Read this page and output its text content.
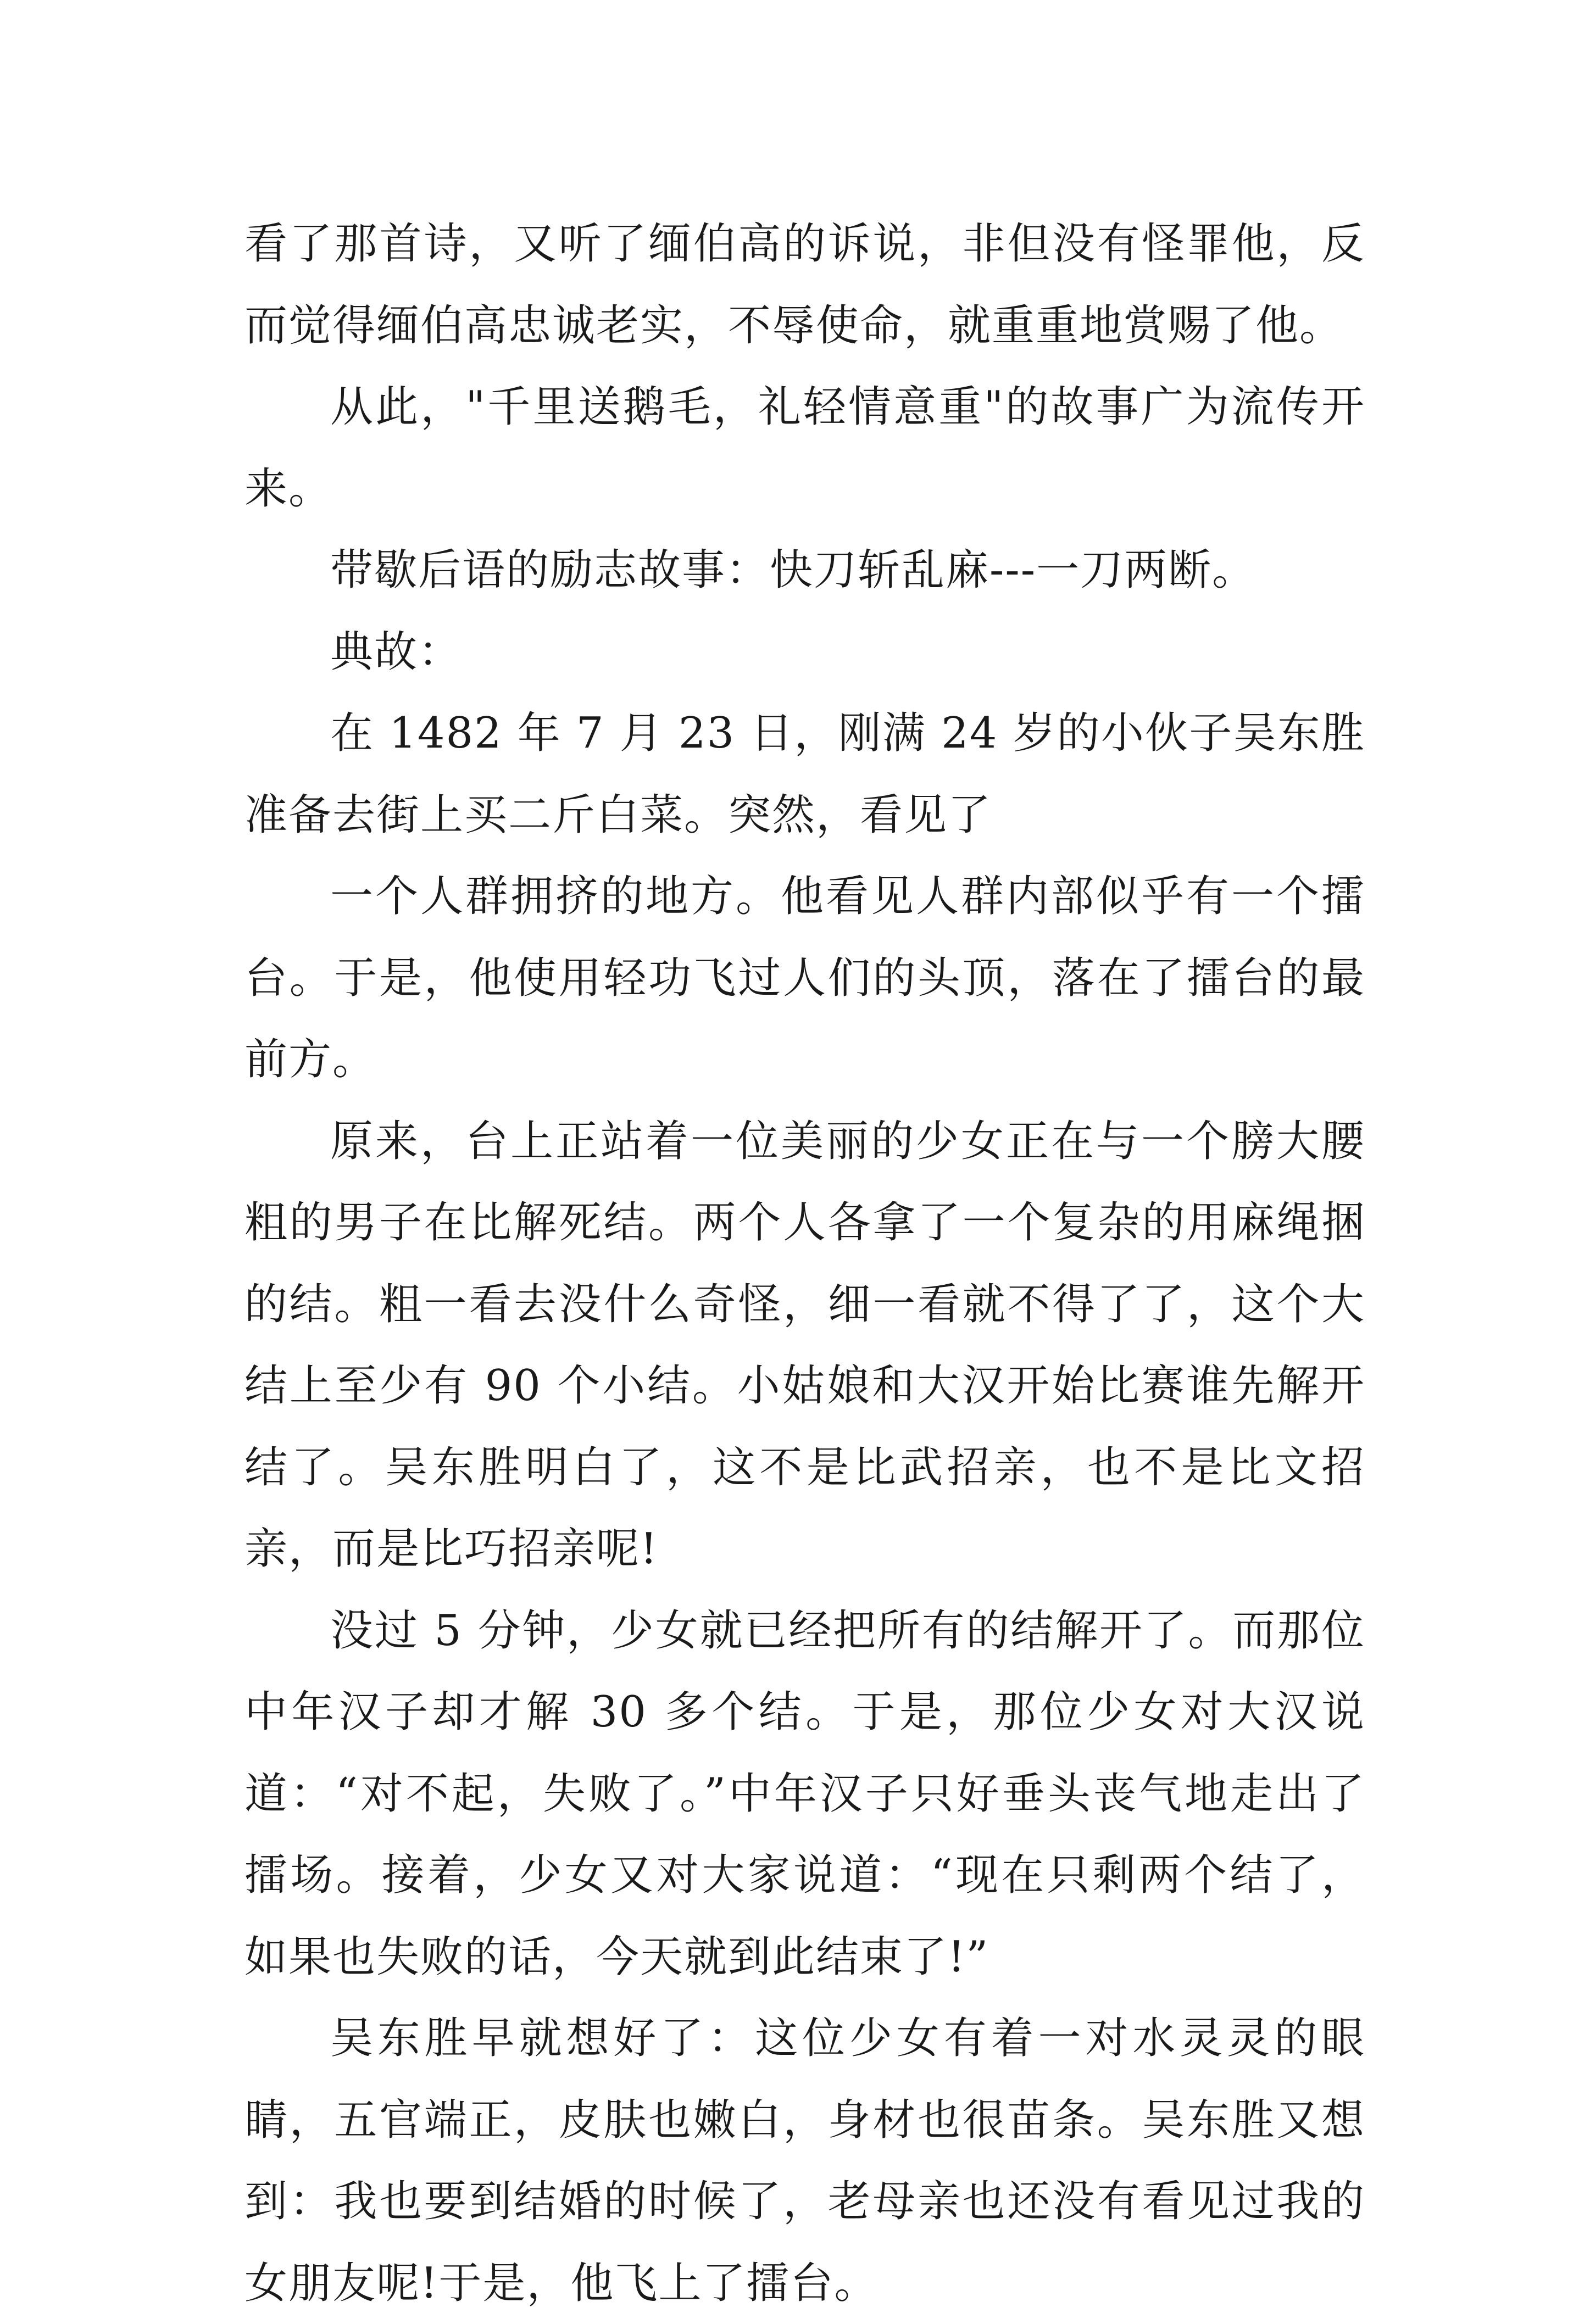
看了那首诗，又听了缅伯高的诉说，非但没有怪罪他，反而觉得缅伯高忠诚老实，不辱使命，就重重地赏赐了他。

从此，"千里送鹅毛，礼轻情意重"的故事广为流传开来。

带歇后语的励志故事：快刀斩乱麻---一刀两断。

典故：

在 1482 年 7 月 23 日，刚满 24 岁的小伙子吴东胜准备去街上买二斤白菜。突然，看见了

一个人群拥挤的地方。他看见人群内部似乎有一个擂台。于是，他使用轻功飞过人们的头顶，落在了擂台的最前方。

原来，台上正站着一位美丽的少女正在与一个膀大腰粗的男子在比解死结。两个人各拿了一个复杂的用麻绳捆的结。粗一看去没什么奇怪，细一看就不得了了，这个大结上至少有 90 个小结。小姑娘和大汉开始比赛谁先解开结了。吴东胜明白了，这不是比武招亲，也不是比文招亲，而是比巧招亲呢!

没过 5 分钟，少女就已经把所有的结解开了。而那位中年汉子却才解 30 多个结。于是，那位少女对大汉说道：“对不起，失败了。”中年汉子只好垂头丧气地走出了擂场。接着，少女又对大家说道：“现在只剩两个结了，如果也失败的话，今天就到此结束了!”

吴东胜早就想好了：这位少女有着一对水灵灵的眼睛，五官端正，皮肤也嫩白，身材也很苗条。吴东胜又想到：我也要到结婚的时候了，老母亲也还没有看见过我的女朋友呢!于是，他飞上了擂台。
